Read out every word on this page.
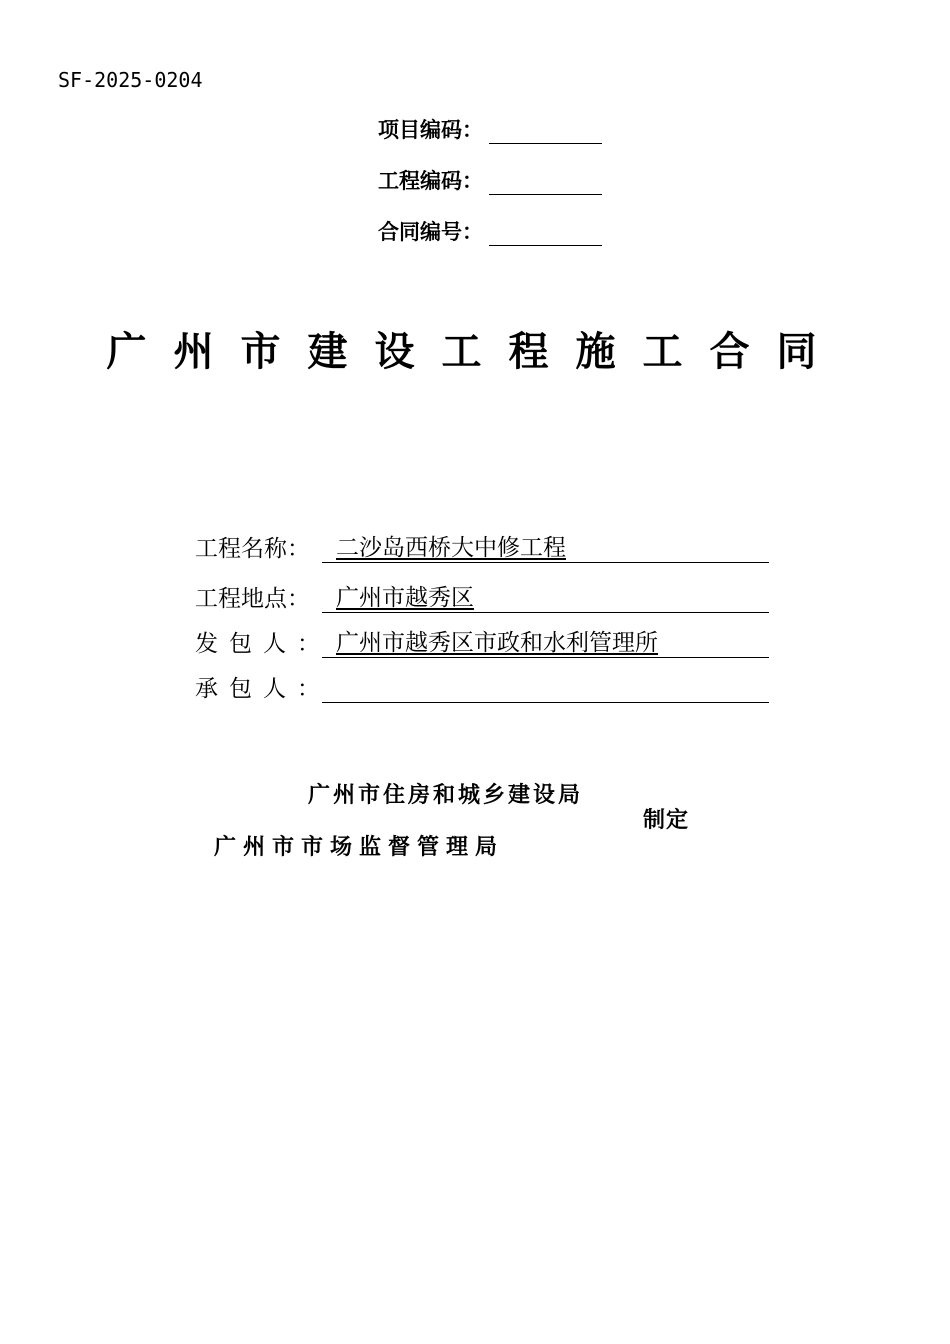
SF-2025-0204
项目编码：
工程编码：
合同编号：
广州市建设工程施工合同
工程名称：	二沙岛西桥大中修工程
工程地点：	广州市越秀区
发包人： 广州市越秀区市政和水利管理所
承包人：
广州市住房和城乡建设局
广州市市场监督管理局
制定
